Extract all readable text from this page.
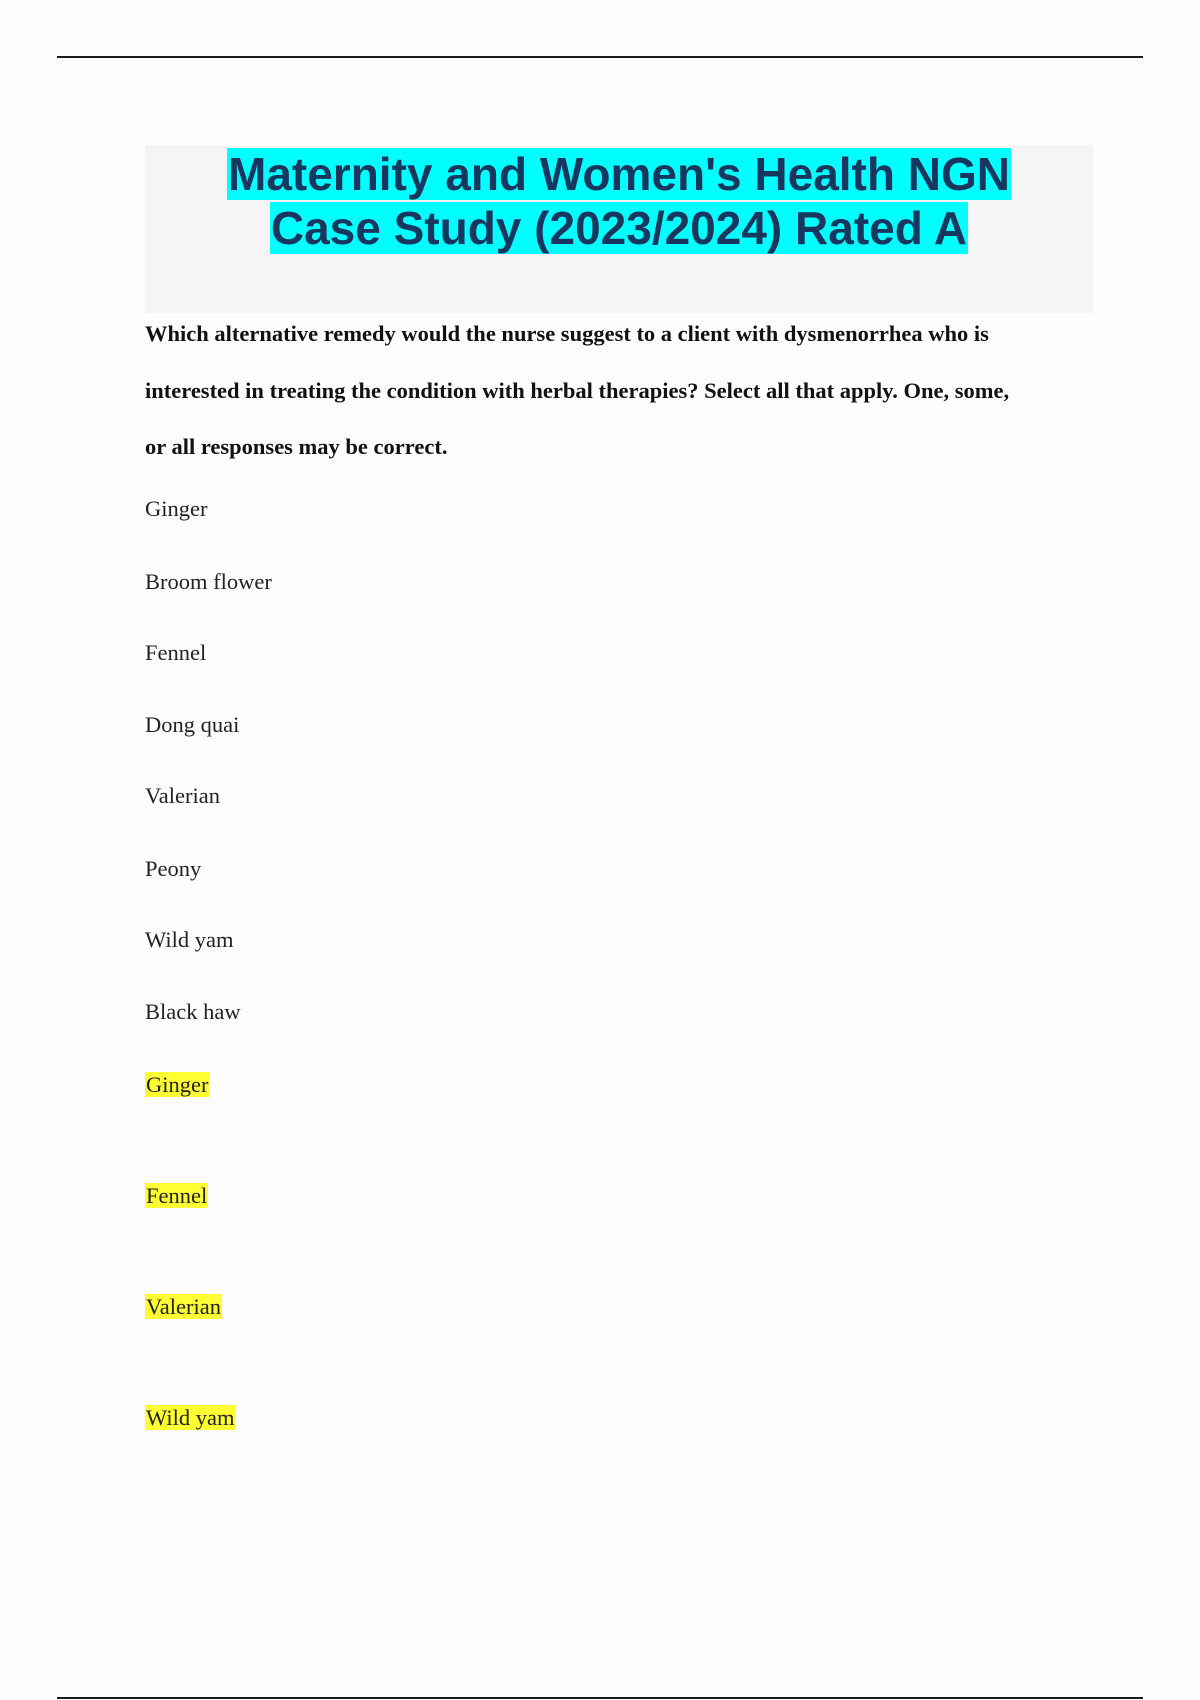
Maternity and Women's Health NGN
Case Study (2023/2024) Rated A
Which alternative remedy would the nurse suggest to a client with dysmenorrhea who is
interested in treating the condition with herbal therapies? Select all that apply. One, some,
or all responses may be correct.
Ginger
Broom flower
Fennel
Dong quai
Valerian
Peony
Wild yam
Black haw
Ginger
Fennel
Valerian
Wild yam
